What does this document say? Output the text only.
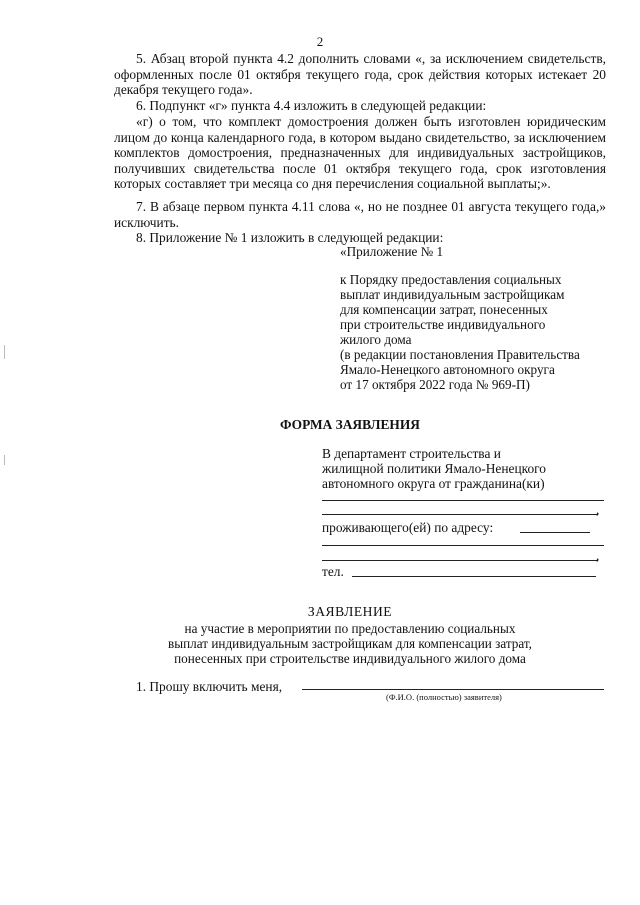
2
5. Абзац второй пункта 4.2 дополнить словами «, за исключением свидетельств, оформленных после 01 октября текущего года, срок действия которых истекает 20 декабря текущего года».
6. Подпункт «г» пункта 4.4 изложить в следующей редакции:
«г) о том, что комплект домостроения должен быть изготовлен юридическим лицом до конца календарного года, в котором выдано свидетельство, за исключением комплектов домостроения, предназначенных для индивидуальных застройщиков, получивших свидетельства после 01 октября текущего года, срок изготовления которых составляет три месяца со дня перечисления социальной выплаты;».
7. В абзаце первом пункта 4.11 слова «, но не позднее 01 августа текущего года,» исключить.
8. Приложение № 1 изложить в следующей редакции:
«Приложение № 1
к Порядку предоставления социальных
выплат индивидуальным застройщикам
для компенсации затрат, понесенных
при строительстве индивидуального
жилого дома
(в редакции постановления Правительства
Ямало-Ненецкого автономного округа
от 17 октября 2022 года № 969-П)
ФОРМА ЗАЯВЛЕНИЯ
В департамент строительства и
жилищной политики Ямало-Ненецкого
автономного округа от гражданина(ки)
,
проживающего(ей) по адресу:
,
тел.
ЗАЯВЛЕНИЕ
на участие в мероприятии по предоставлению социальных
выплат индивидуальным застройщикам для компенсации затрат,
понесенных при строительстве индивидуального жилого дома
1. Прошу включить меня,
(Ф.И.О. (полностью) заявителя)
